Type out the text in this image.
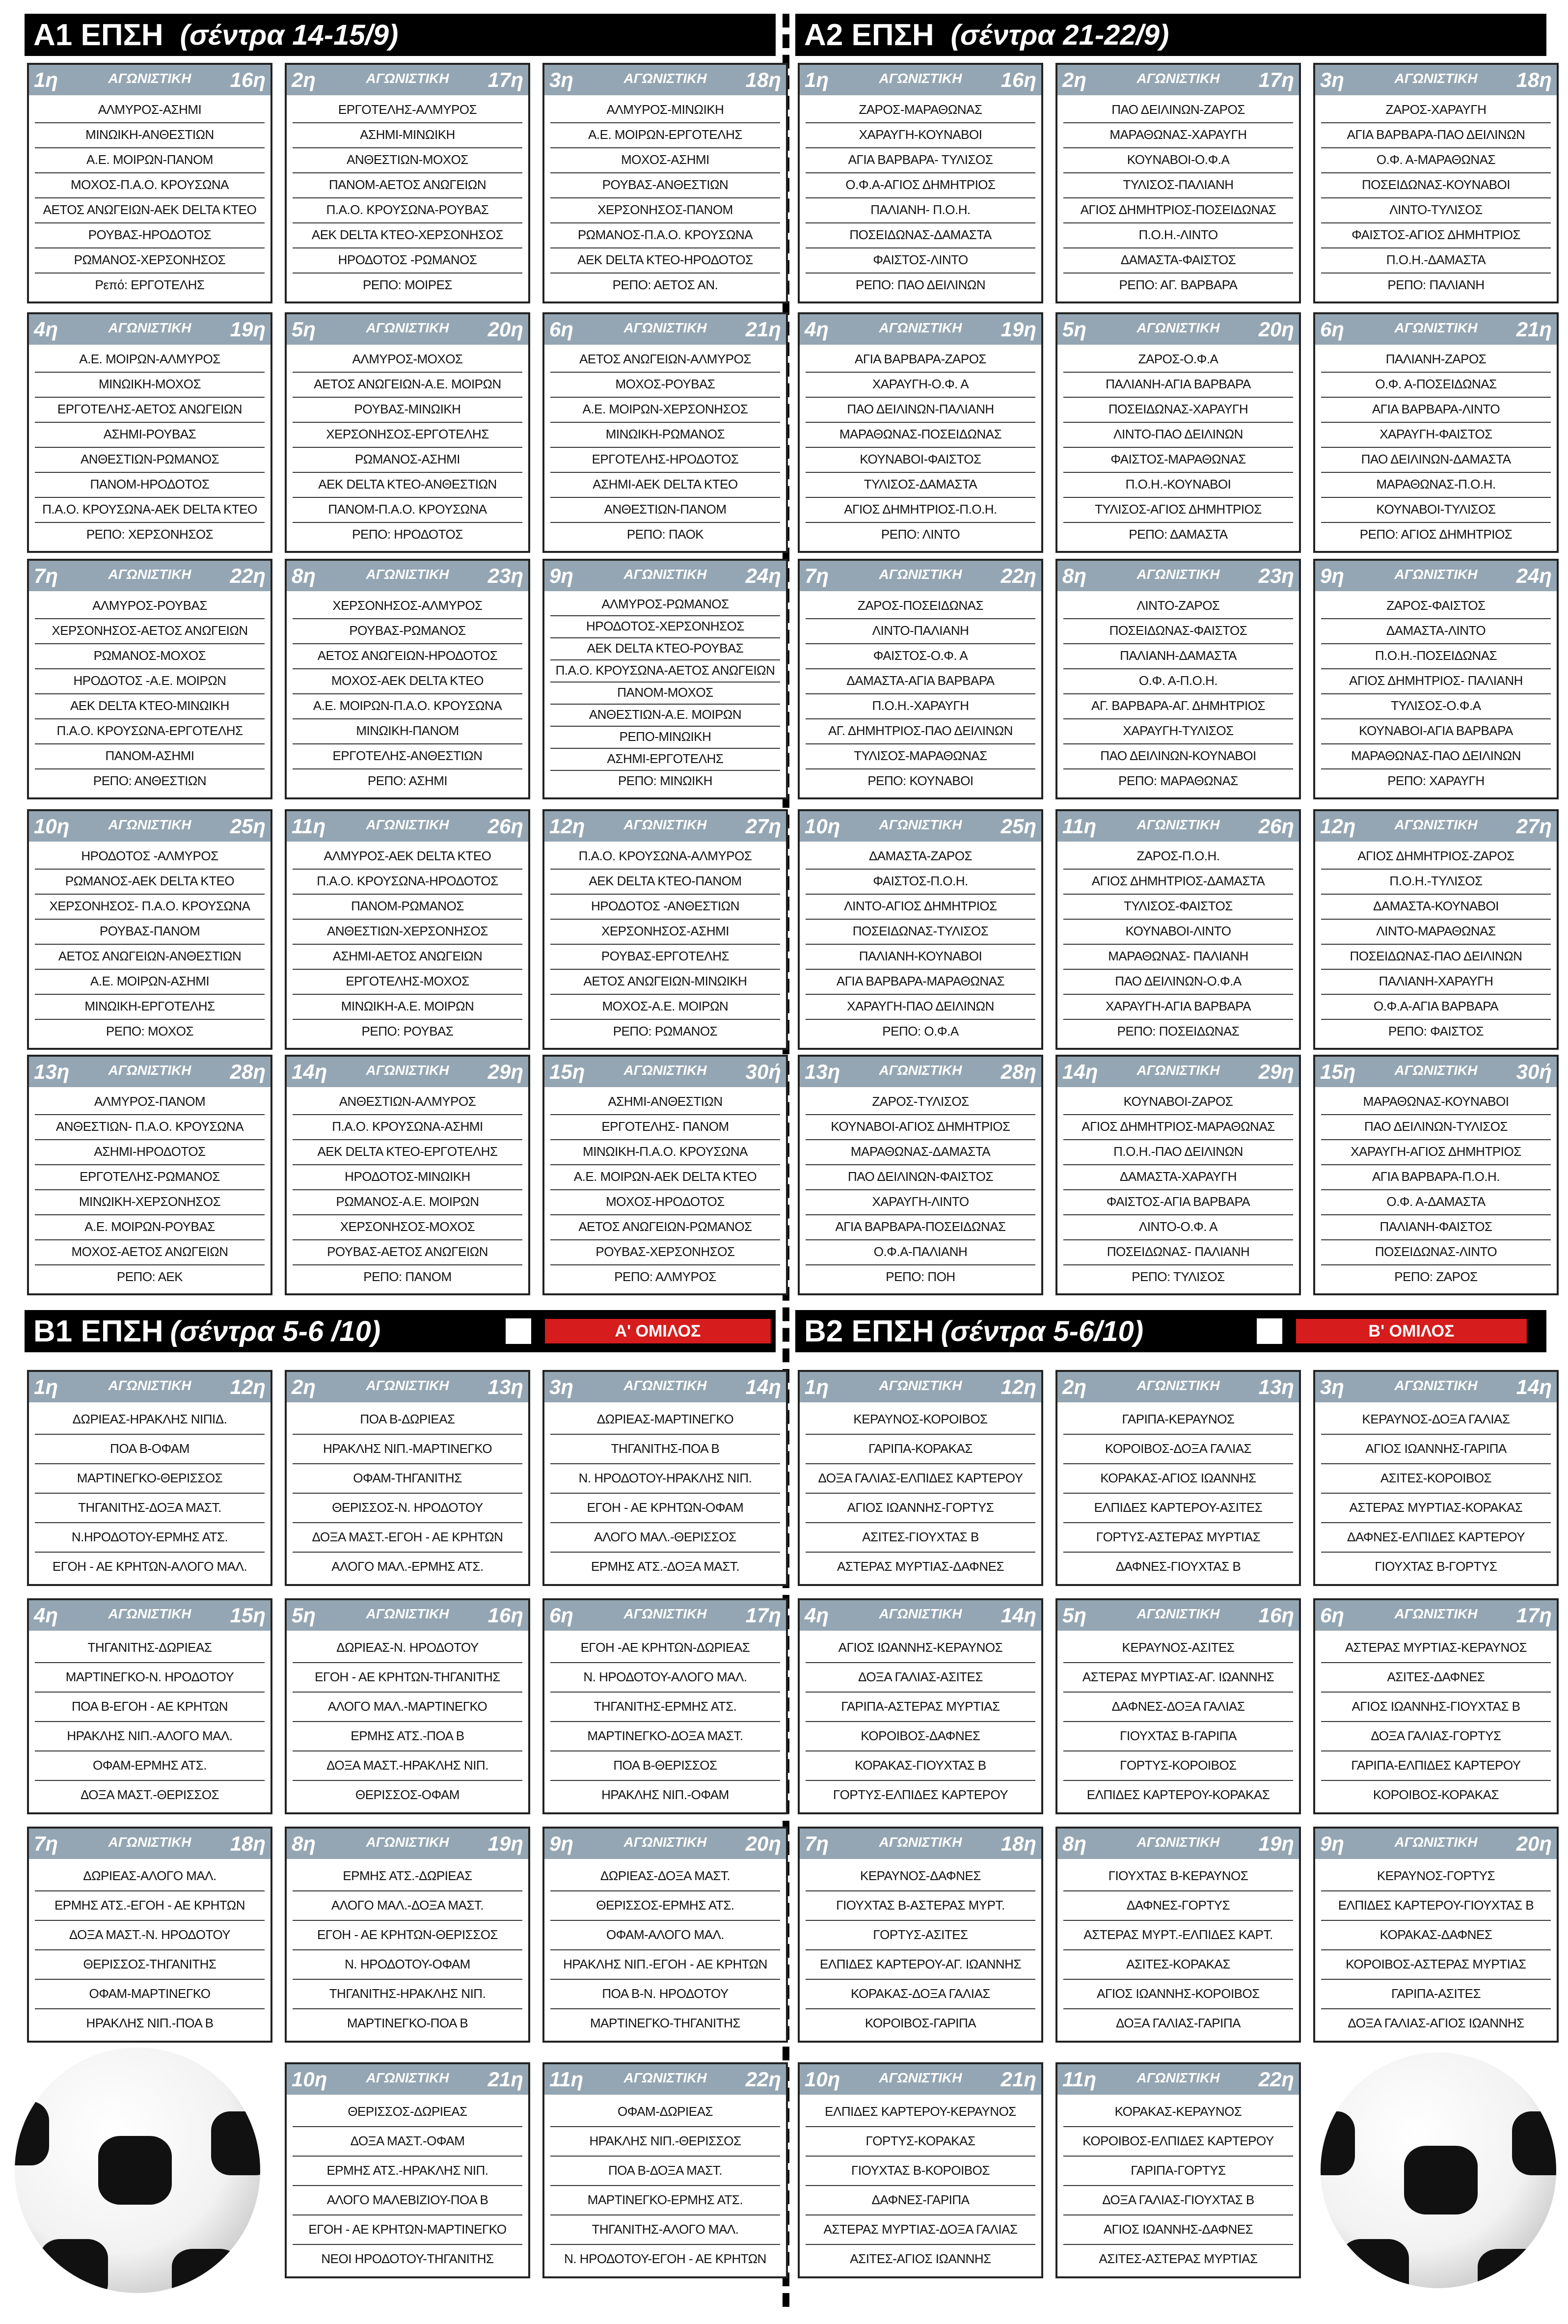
Α1 ΕΠΣΗ (σέντρα 14-15/9)	Α2 ΕΠΣΗ (σέντρα 21-22/9)
Β1 ΕΠΣΗ (σέντρα 5-6 /10)	Α' ΟΜΙΛΟΣ	Β2 ΕΠΣΗ (σέντρα 5-6/10)	Β' ΟΜΙΛΟΣ
1η	ΑΓΩΝΙΣΤΙΚΗ	16η
ΑΛΜΥΡΟΣ-ΑΣΗΜΙ
ΜΙΝΩΙΚΗ-ΑΝΘΕΣΤΙΩΝ
Α.Ε. ΜΟΙΡΩΝ-ΠΑΝΟΜ
ΜΟΧΟΣ-Π.Α.Ο. ΚΡΟΥΣΩΝΑ
ΑΕΤΟΣ ΑΝΩΓΕΙΩΝ-ΑΕΚ DELTA ΚΤΕΟ
ΡΟΥΒΑΣ-ΗΡΟΔΟΤΟΣ
ΡΩΜΑΝΟΣ-ΧΕΡΣΟΝΗΣΟΣ
Ρεπό: ΕΡΓΟΤΕΛΗΣ
2η	ΑΓΩΝΙΣΤΙΚΗ	17η
ΕΡΓΟΤΕΛΗΣ-ΑΛΜΥΡΟΣ
ΑΣΗΜΙ-ΜΙΝΩΙΚΗ
ΑΝΘΕΣΤΙΩΝ-ΜΟΧΟΣ
ΠΑΝΟΜ-ΑΕΤΟΣ ΑΝΩΓΕΙΩΝ
Π.Α.Ο. ΚΡΟΥΣΩΝΑ-ΡΟΥΒΑΣ
ΑΕΚ DELTA ΚΤΕΟ-ΧΕΡΣΟΝΗΣΟΣ
ΗΡΟΔΟΤΟΣ -ΡΩΜΑΝΟΣ
ΡΕΠΟ: ΜΟΙΡΕΣ
3η	ΑΓΩΝΙΣΤΙΚΗ	18η
ΑΛΜΥΡΟΣ-ΜΙΝΩΙΚΗ
Α.Ε. ΜΟΙΡΩΝ-ΕΡΓΟΤΕΛΗΣ
ΜΟΧΟΣ-ΑΣΗΜΙ
ΡΟΥΒΑΣ-ΑΝΘΕΣΤΙΩΝ
ΧΕΡΣΟΝΗΣΟΣ-ΠΑΝΟΜ
ΡΩΜΑΝΟΣ-Π.Α.Ο. ΚΡΟΥΣΩΝΑ
ΑΕΚ DELTA ΚΤΕΟ-ΗΡΟΔΟΤΟΣ
ΡΕΠΟ: ΑΕΤΟΣ ΑΝ.
1η	ΑΓΩΝΙΣΤΙΚΗ	16η
ΖΑΡΟΣ-ΜΑΡΑΘΩΝΑΣ
ΧΑΡΑΥΓΗ-ΚΟΥΝΑΒΟΙ
ΑΓΙΑ ΒΑΡΒΑΡΑ- ΤΥΛΙΣΟΣ
Ο.Φ.Α-ΑΓΙΟΣ ΔΗΜΗΤΡΙΟΣ
ΠΑΛΙΑΝΗ- Π.Ο.Η.
ΠΟΣΕΙΔΩΝΑΣ-ΔΑΜΑΣΤΑ
ΦΑΙΣΤΟΣ-ΛΙΝΤΟ
ΡΕΠΟ: ΠΑΟ ΔΕΙΛΙΝΩΝ
2η	ΑΓΩΝΙΣΤΙΚΗ	17η
ΠΑΟ ΔΕΙΛΙΝΩΝ-ΖΑΡΟΣ
ΜΑΡΑΘΩΝΑΣ-ΧΑΡΑΥΓΗ
ΚΟΥΝΑΒΟΙ-Ο.Φ.Α
ΤΥΛΙΣΟΣ-ΠΑΛΙΑΝΗ
ΑΓΙΟΣ ΔΗΜΗΤΡΙΟΣ-ΠΟΣΕΙΔΩΝΑΣ
Π.Ο.Η.-ΛΙΝΤΟ
ΔΑΜΑΣΤΑ-ΦΑΙΣΤΟΣ
ΡΕΠΟ: ΑΓ. ΒΑΡΒΑΡΑ
3η	ΑΓΩΝΙΣΤΙΚΗ	18η
ΖΑΡΟΣ-ΧΑΡΑΥΓΗ
ΑΓΙΑ ΒΑΡΒΑΡΑ-ΠΑΟ ΔΕΙΛΙΝΩΝ
Ο.Φ. Α-ΜΑΡΑΘΩΝΑΣ
ΠΟΣΕΙΔΩΝΑΣ-ΚΟΥΝΑΒΟΙ
ΛΙΝΤΟ-ΤΥΛΙΣΟΣ
ΦΑΙΣΤΟΣ-ΑΓΙΟΣ ΔΗΜΗΤΡΙΟΣ
Π.Ο.Η.-ΔΑΜΑΣΤΑ
ΡΕΠΟ: ΠΑΛΙΑΝΗ
4η	ΑΓΩΝΙΣΤΙΚΗ	19η
Α.Ε. ΜΟΙΡΩΝ-ΑΛΜΥΡΟΣ
ΜΙΝΩΙΚΗ-ΜΟΧΟΣ
ΕΡΓΟΤΕΛΗΣ-ΑΕΤΟΣ ΑΝΩΓΕΙΩΝ
ΑΣΗΜΙ-ΡΟΥΒΑΣ
ΑΝΘΕΣΤΙΩΝ-ΡΩΜΑΝΟΣ
ΠΑΝΟΜ-ΗΡΟΔΟΤΟΣ
Π.Α.Ο. ΚΡΟΥΣΩΝΑ-ΑΕΚ DELTA ΚΤΕΟ
ΡΕΠΟ: ΧΕΡΣΟΝΗΣΟΣ
5η	ΑΓΩΝΙΣΤΙΚΗ	20η
ΑΛΜΥΡΟΣ-ΜΟΧΟΣ
ΑΕΤΟΣ ΑΝΩΓΕΙΩΝ-Α.Ε. ΜΟΙΡΩΝ
ΡΟΥΒΑΣ-ΜΙΝΩΙΚΗ
ΧΕΡΣΟΝΗΣΟΣ-ΕΡΓΟΤΕΛΗΣ
ΡΩΜΑΝΟΣ-ΑΣΗΜΙ
ΑΕΚ DELTA ΚΤΕΟ-ΑΝΘΕΣΤΙΩΝ
ΠΑΝΟΜ-Π.Α.Ο. ΚΡΟΥΣΩΝΑ
ΡΕΠΟ: ΗΡΟΔΟΤΟΣ
6η	ΑΓΩΝΙΣΤΙΚΗ	21η
ΑΕΤΟΣ ΑΝΩΓΕΙΩΝ-ΑΛΜΥΡΟΣ
ΜΟΧΟΣ-ΡΟΥΒΑΣ
Α.Ε. ΜΟΙΡΩΝ-ΧΕΡΣΟΝΗΣΟΣ
ΜΙΝΩΙΚΗ-ΡΩΜΑΝΟΣ
ΕΡΓΟΤΕΛΗΣ-ΗΡΟΔΟΤΟΣ
ΑΣΗΜΙ-ΑΕΚ DELTA ΚΤΕΟ
ΑΝΘΕΣΤΙΩΝ-ΠΑΝΟΜ
ΡΕΠΟ: ΠΑΟΚ
4η	ΑΓΩΝΙΣΤΙΚΗ	19η
ΑΓΙΑ ΒΑΡΒΑΡΑ-ΖΑΡΟΣ
ΧΑΡΑΥΓΗ-Ο.Φ. Α
ΠΑΟ ΔΕΙΛΙΝΩΝ-ΠΑΛΙΑΝΗ
ΜΑΡΑΘΩΝΑΣ-ΠΟΣΕΙΔΩΝΑΣ
ΚΟΥΝΑΒΟΙ-ΦΑΙΣΤΟΣ
ΤΥΛΙΣΟΣ-ΔΑΜΑΣΤΑ
ΑΓΙΟΣ ΔΗΜΗΤΡΙΟΣ-Π.Ο.Η.
ΡΕΠΟ: ΛΙΝΤΟ
5η	ΑΓΩΝΙΣΤΙΚΗ	20η
ΖΑΡΟΣ-Ο.Φ.Α
ΠΑΛΙΑΝΗ-ΑΓΙΑ ΒΑΡΒΑΡΑ
ΠΟΣΕΙΔΩΝΑΣ-ΧΑΡΑΥΓΗ
ΛΙΝΤΟ-ΠΑΟ ΔΕΙΛΙΝΩΝ
ΦΑΙΣΤΟΣ-ΜΑΡΑΘΩΝΑΣ
Π.Ο.Η.-ΚΟΥΝΑΒΟΙ
ΤΥΛΙΣΟΣ-ΑΓΙΟΣ ΔΗΜΗΤΡΙΟΣ
ΡΕΠΟ: ΔΑΜΑΣΤΑ
6η	ΑΓΩΝΙΣΤΙΚΗ	21η
ΠΑΛΙΑΝΗ-ΖΑΡΟΣ
Ο.Φ. Α-ΠΟΣΕΙΔΩΝΑΣ
ΑΓΙΑ ΒΑΡΒΑΡΑ-ΛΙΝΤΟ
ΧΑΡΑΥΓΗ-ΦΑΙΣΤΟΣ
ΠΑΟ ΔΕΙΛΙΝΩΝ-ΔΑΜΑΣΤΑ
ΜΑΡΑΘΩΝΑΣ-Π.Ο.Η.
ΚΟΥΝΑΒΟΙ-ΤΥΛΙΣΟΣ
ΡΕΠΟ: ΑΓΙΟΣ ΔΗΜΗΤΡΙΟΣ
7η	ΑΓΩΝΙΣΤΙΚΗ	22η
ΑΛΜΥΡΟΣ-ΡΟΥΒΑΣ
ΧΕΡΣΟΝΗΣΟΣ-ΑΕΤΟΣ ΑΝΩΓΕΙΩΝ
ΡΩΜΑΝΟΣ-ΜΟΧΟΣ
ΗΡΟΔΟΤΟΣ -Α.Ε. ΜΟΙΡΩΝ
ΑΕΚ DELTA ΚΤΕΟ-ΜΙΝΩΙΚΗ
Π.Α.Ο. ΚΡΟΥΣΩΝΑ-ΕΡΓΟΤΕΛΗΣ
ΠΑΝΟΜ-ΑΣΗΜΙ
ΡΕΠΟ: ΑΝΘΕΣΤΙΩΝ
8η	ΑΓΩΝΙΣΤΙΚΗ	23η
ΧΕΡΣΟΝΗΣΟΣ-ΑΛΜΥΡΟΣ
ΡΟΥΒΑΣ-ΡΩΜΑΝΟΣ
ΑΕΤΟΣ ΑΝΩΓΕΙΩΝ-ΗΡΟΔΟΤΟΣ
ΜΟΧΟΣ-ΑΕΚ DELTA ΚΤΕΟ
Α.Ε. ΜΟΙΡΩΝ-Π.Α.Ο. ΚΡΟΥΣΩΝΑ
ΜΙΝΩΙΚΗ-ΠΑΝΟΜ
ΕΡΓΟΤΕΛΗΣ-ΑΝΘΕΣΤΙΩΝ
ΡΕΠΟ: ΑΣΗΜΙ
9η	ΑΓΩΝΙΣΤΙΚΗ	24η
ΑΛΜΥΡΟΣ-ΡΩΜΑΝΟΣ
ΗΡΟΔΟΤΟΣ-ΧΕΡΣΟΝΗΣΟΣ
ΑΕΚ DELTA ΚΤΕΟ-ΡΟΥΒΑΣ
Π.Α.Ο. ΚΡΟΥΣΩΝΑ-ΑΕΤΟΣ ΑΝΩΓΕΙΩΝ
ΠΑΝΟΜ-ΜΟΧΟΣ
ΑΝΘΕΣΤΙΩΝ-Α.Ε. ΜΟΙΡΩΝ
ΡΕΠΟ-ΜΙΝΩΙΚΗ
ΑΣΗΜΙ-ΕΡΓΟΤΕΛΗΣ
ΡΕΠΟ: ΜΙΝΩΙΚΗ
7η	ΑΓΩΝΙΣΤΙΚΗ	22η
ΖΑΡΟΣ-ΠΟΣΕΙΔΩΝΑΣ
ΛΙΝΤΟ-ΠΑΛΙΑΝΗ
ΦΑΙΣΤΟΣ-Ο.Φ. Α
ΔΑΜΑΣΤΑ-ΑΓΙΑ ΒΑΡΒΑΡΑ
Π.Ο.Η.-ΧΑΡΑΥΓΗ
ΑΓ. ΔΗΜΗΤΡΙΟΣ-ΠΑΟ ΔΕΙΛΙΝΩΝ
ΤΥΛΙΣΟΣ-ΜΑΡΑΘΩΝΑΣ
ΡΕΠΟ: ΚΟΥΝΑΒΟΙ
8η	ΑΓΩΝΙΣΤΙΚΗ	23η
ΛΙΝΤΟ-ΖΑΡΟΣ
ΠΟΣΕΙΔΩΝΑΣ-ΦΑΙΣΤΟΣ
ΠΑΛΙΑΝΗ-ΔΑΜΑΣΤΑ
Ο.Φ. Α-Π.Ο.Η.
ΑΓ. ΒΑΡΒΑΡΑ-ΑΓ. ΔΗΜΗΤΡΙΟΣ
ΧΑΡΑΥΓΗ-ΤΥΛΙΣΟΣ
ΠΑΟ ΔΕΙΛΙΝΩΝ-ΚΟΥΝΑΒΟΙ
ΡΕΠΟ: ΜΑΡΑΘΩΝΑΣ
9η	ΑΓΩΝΙΣΤΙΚΗ	24η
ΖΑΡΟΣ-ΦΑΙΣΤΟΣ
ΔΑΜΑΣΤΑ-ΛΙΝΤΟ
Π.Ο.Η.-ΠΟΣΕΙΔΩΝΑΣ
ΑΓΙΟΣ ΔΗΜΗΤΡΙΟΣ- ΠΑΛΙΑΝΗ
ΤΥΛΙΣΟΣ-Ο.Φ.Α
ΚΟΥΝΑΒΟΙ-ΑΓΙΑ ΒΑΡΒΑΡΑ
ΜΑΡΑΘΩΝΑΣ-ΠΑΟ ΔΕΙΛΙΝΩΝ
ΡΕΠΟ: ΧΑΡΑΥΓΗ
10η	ΑΓΩΝΙΣΤΙΚΗ	25η
ΗΡΟΔΟΤΟΣ -ΑΛΜΥΡΟΣ
ΡΩΜΑΝΟΣ-ΑΕΚ DELTA ΚΤΕΟ
ΧΕΡΣΟΝΗΣΟΣ- Π.Α.Ο. ΚΡΟΥΣΩΝΑ
ΡΟΥΒΑΣ-ΠΑΝΟΜ
ΑΕΤΟΣ ΑΝΩΓΕΙΩΝ-ΑΝΘΕΣΤΙΩΝ
Α.Ε. ΜΟΙΡΩΝ-ΑΣΗΜΙ
ΜΙΝΩΙΚΗ-ΕΡΓΟΤΕΛΗΣ
ΡΕΠΟ: ΜΟΧΟΣ
11η	ΑΓΩΝΙΣΤΙΚΗ	26η
ΑΛΜΥΡΟΣ-ΑΕΚ DELTA ΚΤΕΟ
Π.Α.Ο. ΚΡΟΥΣΩΝΑ-ΗΡΟΔΟΤΟΣ
ΠΑΝΟΜ-ΡΩΜΑΝΟΣ
ΑΝΘΕΣΤΙΩΝ-ΧΕΡΣΟΝΗΣΟΣ
ΑΣΗΜΙ-ΑΕΤΟΣ ΑΝΩΓΕΙΩΝ
ΕΡΓΟΤΕΛΗΣ-ΜΟΧΟΣ
ΜΙΝΩΙΚΗ-Α.Ε. ΜΟΙΡΩΝ
ΡΕΠΟ: ΡΟΥΒΑΣ
12η	ΑΓΩΝΙΣΤΙΚΗ	27η
Π.Α.Ο. ΚΡΟΥΣΩΝΑ-ΑΛΜΥΡΟΣ
ΑΕΚ DELTA ΚΤΕΟ-ΠΑΝΟΜ
ΗΡΟΔΟΤΟΣ -ΑΝΘΕΣΤΙΩΝ
ΧΕΡΣΟΝΗΣΟΣ-ΑΣΗΜΙ
ΡΟΥΒΑΣ-ΕΡΓΟΤΕΛΗΣ
ΑΕΤΟΣ ΑΝΩΓΕΙΩΝ-ΜΙΝΩΙΚΗ
ΜΟΧΟΣ-Α.Ε. ΜΟΙΡΩΝ
ΡΕΠΟ: ΡΩΜΑΝΟΣ
10η	ΑΓΩΝΙΣΤΙΚΗ	25η
ΔΑΜΑΣΤΑ-ΖΑΡΟΣ
ΦΑΙΣΤΟΣ-Π.Ο.Η.
ΛΙΝΤΟ-ΑΓΙΟΣ ΔΗΜΗΤΡΙΟΣ
ΠΟΣΕΙΔΩΝΑΣ-ΤΥΛΙΣΟΣ
ΠΑΛΙΑΝΗ-ΚΟΥΝΑΒΟΙ
ΑΓΙΑ ΒΑΡΒΑΡΑ-ΜΑΡΑΘΩΝΑΣ
ΧΑΡΑΥΓΗ-ΠΑΟ ΔΕΙΛΙΝΩΝ
ΡΕΠΟ: Ο.Φ.Α
11η	ΑΓΩΝΙΣΤΙΚΗ	26η
ΖΑΡΟΣ-Π.Ο.Η.
ΑΓΙΟΣ ΔΗΜΗΤΡΙΟΣ-ΔΑΜΑΣΤΑ
ΤΥΛΙΣΟΣ-ΦΑΙΣΤΟΣ
ΚΟΥΝΑΒΟΙ-ΛΙΝΤΟ
ΜΑΡΑΘΩΝΑΣ- ΠΑΛΙΑΝΗ
ΠΑΟ ΔΕΙΛΙΝΩΝ-Ο.Φ.Α
ΧΑΡΑΥΓΗ-ΑΓΙΑ ΒΑΡΒΑΡΑ
ΡΕΠΟ: ΠΟΣΕΙΔΩΝΑΣ
12η	ΑΓΩΝΙΣΤΙΚΗ	27η
ΑΓΙΟΣ ΔΗΜΗΤΡΙΟΣ-ΖΑΡΟΣ
Π.Ο.Η.-ΤΥΛΙΣΟΣ
ΔΑΜΑΣΤΑ-ΚΟΥΝΑΒΟΙ
ΛΙΝΤΟ-ΜΑΡΑΘΩΝΑΣ
ΠΟΣΕΙΔΩΝΑΣ-ΠΑΟ ΔΕΙΛΙΝΩΝ
ΠΑΛΙΑΝΗ-ΧΑΡΑΥΓΗ
Ο.Φ.Α-ΑΓΙΑ ΒΑΡΒΑΡΑ
ΡΕΠΟ: ΦΑΙΣΤΟΣ
13η	ΑΓΩΝΙΣΤΙΚΗ	28η
ΑΛΜΥΡΟΣ-ΠΑΝΟΜ
ΑΝΘΕΣΤΙΩΝ- Π.Α.Ο. ΚΡΟΥΣΩΝΑ
ΑΣΗΜΙ-ΗΡΟΔΟΤΟΣ
ΕΡΓΟΤΕΛΗΣ-ΡΩΜΑΝΟΣ
ΜΙΝΩΙΚΗ-ΧΕΡΣΟΝΗΣΟΣ
Α.Ε. ΜΟΙΡΩΝ-ΡΟΥΒΑΣ
ΜΟΧΟΣ-ΑΕΤΟΣ ΑΝΩΓΕΙΩΝ
ΡΕΠΟ: ΑΕΚ
14η	ΑΓΩΝΙΣΤΙΚΗ	29η
ΑΝΘΕΣΤΙΩΝ-ΑΛΜΥΡΟΣ
Π.Α.Ο. ΚΡΟΥΣΩΝΑ-ΑΣΗΜΙ
ΑΕΚ DELTA ΚΤΕΟ-ΕΡΓΟΤΕΛΗΣ
ΗΡΟΔΟΤΟΣ-ΜΙΝΩΙΚΗ
ΡΩΜΑΝΟΣ-Α.Ε. ΜΟΙΡΩΝ
ΧΕΡΣΟΝΗΣΟΣ-ΜΟΧΟΣ
ΡΟΥΒΑΣ-ΑΕΤΟΣ ΑΝΩΓΕΙΩΝ
ΡΕΠΟ: ΠΑΝΟΜ
15η	ΑΓΩΝΙΣΤΙΚΗ	30ή
ΑΣΗΜΙ-ΑΝΘΕΣΤΙΩΝ
ΕΡΓΟΤΕΛΗΣ- ΠΑΝΟΜ
ΜΙΝΩΙΚΗ-Π.Α.Ο. ΚΡΟΥΣΩΝΑ
Α.Ε. ΜΟΙΡΩΝ-ΑΕΚ DELTA ΚΤΕΟ
ΜΟΧΟΣ-ΗΡΟΔΟΤΟΣ
ΑΕΤΟΣ ΑΝΩΓΕΙΩΝ-ΡΩΜΑΝΟΣ
ΡΟΥΒΑΣ-ΧΕΡΣΟΝΗΣΟΣ
ΡΕΠΟ: ΑΛΜΥΡΟΣ
13η	ΑΓΩΝΙΣΤΙΚΗ	28η
ΖΑΡΟΣ-ΤΥΛΙΣΟΣ
ΚΟΥΝΑΒΟΙ-ΑΓΙΟΣ ΔΗΜΗΤΡΙΟΣ
ΜΑΡΑΘΩΝΑΣ-ΔΑΜΑΣΤΑ
ΠΑΟ ΔΕΙΛΙΝΩΝ-ΦΑΙΣΤΟΣ
ΧΑΡΑΥΓΗ-ΛΙΝΤΟ
ΑΓΙΑ ΒΑΡΒΑΡΑ-ΠΟΣΕΙΔΩΝΑΣ
Ο.Φ.Α-ΠΑΛΙΑΝΗ
ΡΕΠΟ: ΠΟΗ
14η	ΑΓΩΝΙΣΤΙΚΗ	29η
ΚΟΥΝΑΒΟΙ-ΖΑΡΟΣ
ΑΓΙΟΣ ΔΗΜΗΤΡΙΟΣ-ΜΑΡΑΘΩΝΑΣ
Π.Ο.Η.-ΠΑΟ ΔΕΙΛΙΝΩΝ
ΔΑΜΑΣΤΑ-ΧΑΡΑΥΓΗ
ΦΑΙΣΤΟΣ-ΑΓΙΑ ΒΑΡΒΑΡΑ
ΛΙΝΤΟ-Ο.Φ. Α
ΠΟΣΕΙΔΩΝΑΣ- ΠΑΛΙΑΝΗ
ΡΕΠΟ: ΤΥΛΙΣΟΣ
15η	ΑΓΩΝΙΣΤΙΚΗ	30ή
ΜΑΡΑΘΩΝΑΣ-ΚΟΥΝΑΒΟΙ
ΠΑΟ ΔΕΙΛΙΝΩΝ-ΤΥΛΙΣΟΣ
ΧΑΡΑΥΓΗ-ΑΓΙΟΣ ΔΗΜΗΤΡΙΟΣ
ΑΓΙΑ ΒΑΡΒΑΡΑ-Π.Ο.Η.
Ο.Φ. Α-ΔΑΜΑΣΤΑ
ΠΑΛΙΑΝΗ-ΦΑΙΣΤΟΣ
ΠΟΣΕΙΔΩΝΑΣ-ΛΙΝΤΟ
ΡΕΠΟ: ΖΑΡΟΣ
1η	ΑΓΩΝΙΣΤΙΚΗ	12η
ΔΩΡΙΕΑΣ-ΗΡΑΚΛΗΣ ΝΙΠΙΔ.
ΠΟΑ Β-ΟΦΑΜ
ΜΑΡΤΙΝΕΓΚΟ-ΘΕΡΙΣΣΟΣ
ΤΗΓΑΝΙΤΗΣ-ΔΟΞΑ ΜΑΣΤ.
Ν.ΗΡΟΔΟΤΟΥ-ΕΡΜΗΣ ΑΤΣ.
ΕΓΟΗ - ΑΕ ΚΡΗΤΩΝ-ΑΛΟΓΟ ΜΑΛ.
2η	ΑΓΩΝΙΣΤΙΚΗ	13η
ΠΟΑ Β-ΔΩΡΙΕΑΣ
ΗΡΑΚΛΗΣ ΝΙΠ.-ΜΑΡΤΙΝΕΓΚΟ
ΟΦΑΜ-ΤΗΓΑΝΙΤΗΣ
ΘΕΡΙΣΣΟΣ-Ν. ΗΡΟΔΟΤΟΥ
ΔΟΞΑ ΜΑΣΤ.-ΕΓΟΗ - ΑΕ ΚΡΗΤΩΝ
ΑΛΟΓΟ ΜΑΛ.-ΕΡΜΗΣ ΑΤΣ.
3η	ΑΓΩΝΙΣΤΙΚΗ	14η
ΔΩΡΙΕΑΣ-ΜΑΡΤΙΝΕΓΚΟ
ΤΗΓΑΝΙΤΗΣ-ΠΟΑ Β
Ν. ΗΡΟΔΟΤΟΥ-ΗΡΑΚΛΗΣ ΝΙΠ.
ΕΓΟΗ - ΑΕ ΚΡΗΤΩΝ-ΟΦΑΜ
ΑΛΟΓΟ ΜΑΛ.-ΘΕΡΙΣΣΟΣ
ΕΡΜΗΣ ΑΤΣ.-ΔΟΞΑ ΜΑΣΤ.
1η	ΑΓΩΝΙΣΤΙΚΗ	12η
ΚΕΡΑΥΝΟΣ-ΚΟΡΟΙΒΟΣ
ΓΑΡΙΠΑ-ΚΟΡΑΚΑΣ
ΔΟΞΑ ΓΑΛΙΑΣ-ΕΛΠΙΔΕΣ ΚΑΡΤΕΡΟΥ
ΑΓΙΟΣ ΙΩΑΝΝΗΣ-ΓΟΡΤΥΣ
ΑΣΙΤΕΣ-ΓΙΟΥΧΤΑΣ Β
ΑΣΤΕΡΑΣ ΜΥΡΤΙΑΣ-ΔΑΦΝΕΣ
2η	ΑΓΩΝΙΣΤΙΚΗ	13η
ΓΑΡΙΠΑ-ΚΕΡΑΥΝΟΣ
ΚΟΡΟΙΒΟΣ-ΔΟΞΑ ΓΑΛΙΑΣ
ΚΟΡΑΚΑΣ-ΑΓΙΟΣ ΙΩΑΝΝΗΣ
ΕΛΠΙΔΕΣ ΚΑΡΤΕΡΟΥ-ΑΣΙΤΕΣ
ΓΟΡΤΥΣ-ΑΣΤΕΡΑΣ ΜΥΡΤΙΑΣ
ΔΑΦΝΕΣ-ΓΙΟΥΧΤΑΣ Β
3η	ΑΓΩΝΙΣΤΙΚΗ	14η
ΚΕΡΑΥΝΟΣ-ΔΟΞΑ ΓΑΛΙΑΣ
ΑΓΙΟΣ ΙΩΑΝΝΗΣ-ΓΑΡΙΠΑ
ΑΣΙΤΕΣ-ΚΟΡΟΙΒΟΣ
ΑΣΤΕΡΑΣ ΜΥΡΤΙΑΣ-ΚΟΡΑΚΑΣ
ΔΑΦΝΕΣ-ΕΛΠΙΔΕΣ ΚΑΡΤΕΡΟΥ
ΓΙΟΥΧΤΑΣ Β-ΓΟΡΤΥΣ
4η	ΑΓΩΝΙΣΤΙΚΗ	15η
ΤΗΓΑΝΙΤΗΣ-ΔΩΡΙΕΑΣ
ΜΑΡΤΙΝΕΓΚΟ-Ν. ΗΡΟΔΟΤΟΥ
ΠΟΑ Β-ΕΓΟΗ - ΑΕ ΚΡΗΤΩΝ
ΗΡΑΚΛΗΣ ΝΙΠ.-ΑΛΟΓΟ ΜΑΛ.
ΟΦΑΜ-ΕΡΜΗΣ ΑΤΣ.
ΔΟΞΑ ΜΑΣΤ.-ΘΕΡΙΣΣΟΣ
5η	ΑΓΩΝΙΣΤΙΚΗ	16η
ΔΩΡΙΕΑΣ-Ν. ΗΡΟΔΟΤΟΥ
ΕΓΟΗ - ΑΕ ΚΡΗΤΩΝ-ΤΗΓΑΝΙΤΗΣ
ΑΛΟΓΟ ΜΑΛ.-ΜΑΡΤΙΝΕΓΚΟ
ΕΡΜΗΣ ΑΤΣ.-ΠΟΑ Β
ΔΟΞΑ ΜΑΣΤ.-ΗΡΑΚΛΗΣ ΝΙΠ.
ΘΕΡΙΣΣΟΣ-ΟΦΑΜ
6η	ΑΓΩΝΙΣΤΙΚΗ	17η
ΕΓΟΗ -ΑΕ ΚΡΗΤΩΝ-ΔΩΡΙΕΑΣ
Ν. ΗΡΟΔΟΤΟΥ-ΑΛΟΓΟ ΜΑΛ.
ΤΗΓΑΝΙΤΗΣ-ΕΡΜΗΣ ΑΤΣ.
ΜΑΡΤΙΝΕΓΚΟ-ΔΟΞΑ ΜΑΣΤ.
ΠΟΑ Β-ΘΕΡΙΣΣΟΣ
ΗΡΑΚΛΗΣ ΝΙΠ.-ΟΦΑΜ
4η	ΑΓΩΝΙΣΤΙΚΗ	14η
ΑΓΙΟΣ ΙΩΑΝΝΗΣ-ΚΕΡΑΥΝΟΣ
ΔΟΞΑ ΓΑΛΙΑΣ-ΑΣΙΤΕΣ
ΓΑΡΙΠΑ-ΑΣΤΕΡΑΣ ΜΥΡΤΙΑΣ
ΚΟΡΟΙΒΟΣ-ΔΑΦΝΕΣ
ΚΟΡΑΚΑΣ-ΓΙΟΥΧΤΑΣ Β
ΓΟΡΤΥΣ-ΕΛΠΙΔΕΣ ΚΑΡΤΕΡΟΥ
5η	ΑΓΩΝΙΣΤΙΚΗ	16η
ΚΕΡΑΥΝΟΣ-ΑΣΙΤΕΣ
ΑΣΤΕΡΑΣ ΜΥΡΤΙΑΣ-ΑΓ. ΙΩΑΝΝΗΣ
ΔΑΦΝΕΣ-ΔΟΞΑ ΓΑΛΙΑΣ
ΓΙΟΥΧΤΑΣ Β-ΓΑΡΙΠΑ
ΓΟΡΤΥΣ-ΚΟΡΟΙΒΟΣ
ΕΛΠΙΔΕΣ ΚΑΡΤΕΡΟΥ-ΚΟΡΑΚΑΣ
6η	ΑΓΩΝΙΣΤΙΚΗ	17η
ΑΣΤΕΡΑΣ ΜΥΡΤΙΑΣ-ΚΕΡΑΥΝΟΣ
ΑΣΙΤΕΣ-ΔΑΦΝΕΣ
ΑΓΙΟΣ ΙΩΑΝΝΗΣ-ΓΙΟΥΧΤΑΣ Β
ΔΟΞΑ ΓΑΛΙΑΣ-ΓΟΡΤΥΣ
ΓΑΡΙΠΑ-ΕΛΠΙΔΕΣ ΚΑΡΤΕΡΟΥ
ΚΟΡΟΙΒΟΣ-ΚΟΡΑΚΑΣ
7η	ΑΓΩΝΙΣΤΙΚΗ	18η
ΔΩΡΙΕΑΣ-ΑΛΟΓΟ ΜΑΛ.
ΕΡΜΗΣ ΑΤΣ.-ΕΓΟΗ - ΑΕ ΚΡΗΤΩΝ
ΔΟΞΑ ΜΑΣΤ.-Ν. ΗΡΟΔΟΤΟΥ
ΘΕΡΙΣΣΟΣ-ΤΗΓΑΝΙΤΗΣ
ΟΦΑΜ-ΜΑΡΤΙΝΕΓΚΟ
ΗΡΑΚΛΗΣ ΝΙΠ.-ΠΟΑ Β
8η	ΑΓΩΝΙΣΤΙΚΗ	19η
ΕΡΜΗΣ ΑΤΣ.-ΔΩΡΙΕΑΣ
ΑΛΟΓΟ ΜΑΛ.-ΔΟΞΑ ΜΑΣΤ.
ΕΓΟΗ - ΑΕ ΚΡΗΤΩΝ-ΘΕΡΙΣΣΟΣ
Ν. ΗΡΟΔΟΤΟΥ-ΟΦΑΜ
ΤΗΓΑΝΙΤΗΣ-ΗΡΑΚΛΗΣ ΝΙΠ.
ΜΑΡΤΙΝΕΓΚΟ-ΠΟΑ Β
9η	ΑΓΩΝΙΣΤΙΚΗ	20η
ΔΩΡΙΕΑΣ-ΔΟΞΑ ΜΑΣΤ.
ΘΕΡΙΣΣΟΣ-ΕΡΜΗΣ ΑΤΣ.
ΟΦΑΜ-ΑΛΟΓΟ ΜΑΛ.
ΗΡΑΚΛΗΣ ΝΙΠ.-ΕΓΟΗ - ΑΕ ΚΡΗΤΩΝ
ΠΟΑ Β-Ν. ΗΡΟΔΟΤΟΥ
ΜΑΡΤΙΝΕΓΚΟ-ΤΗΓΑΝΙΤΗΣ
7η	ΑΓΩΝΙΣΤΙΚΗ	18η
ΚΕΡΑΥΝΟΣ-ΔΑΦΝΕΣ
ΓΙΟΥΧΤΑΣ Β-ΑΣΤΕΡΑΣ ΜΥΡΤ.
ΓΟΡΤΥΣ-ΑΣΙΤΕΣ
ΕΛΠΙΔΕΣ ΚΑΡΤΕΡΟΥ-ΑΓ. ΙΩΑΝΝΗΣ
ΚΟΡΑΚΑΣ-ΔΟΞΑ ΓΑΛΙΑΣ
ΚΟΡΟΙΒΟΣ-ΓΑΡΙΠΑ
8η	ΑΓΩΝΙΣΤΙΚΗ	19η
ΓΙΟΥΧΤΑΣ Β-ΚΕΡΑΥΝΟΣ
ΔΑΦΝΕΣ-ΓΟΡΤΥΣ
ΑΣΤΕΡΑΣ ΜΥΡΤ.-ΕΛΠΙΔΕΣ ΚΑΡΤ.
ΑΣΙΤΕΣ-ΚΟΡΑΚΑΣ
ΑΓΙΟΣ ΙΩΑΝΝΗΣ-ΚΟΡΟΙΒΟΣ
ΔΟΞΑ ΓΑΛΙΑΣ-ΓΑΡΙΠΑ
9η	ΑΓΩΝΙΣΤΙΚΗ	20η
ΚΕΡΑΥΝΟΣ-ΓΟΡΤΥΣ
ΕΛΠΙΔΕΣ ΚΑΡΤΕΡΟΥ-ΓΙΟΥΧΤΑΣ Β
ΚΟΡΑΚΑΣ-ΔΑΦΝΕΣ
ΚΟΡΟΙΒΟΣ-ΑΣΤΕΡΑΣ ΜΥΡΤΙΑΣ
ΓΑΡΙΠΑ-ΑΣΙΤΕΣ
ΔΟΞΑ ΓΑΛΙΑΣ-ΑΓΙΟΣ ΙΩΑΝΝΗΣ
10η	ΑΓΩΝΙΣΤΙΚΗ	21η
ΘΕΡΙΣΣΟΣ-ΔΩΡΙΕΑΣ
ΔΟΞΑ ΜΑΣΤ.-ΟΦΑΜ
ΕΡΜΗΣ ΑΤΣ.-ΗΡΑΚΛΗΣ ΝΙΠ.
ΑΛΟΓΟ ΜΑΛΕΒΙΖΙΟΥ-ΠΟΑ Β
ΕΓΟΗ - ΑΕ ΚΡΗΤΩΝ-ΜΑΡΤΙΝΕΓΚΟ
ΝΕΟΙ ΗΡΟΔΟΤΟΥ-ΤΗΓΑΝΙΤΗΣ
11η	ΑΓΩΝΙΣΤΙΚΗ	22η
ΟΦΑΜ-ΔΩΡΙΕΑΣ
ΗΡΑΚΛΗΣ ΝΙΠ.-ΘΕΡΙΣΣΟΣ
ΠΟΑ Β-ΔΟΞΑ ΜΑΣΤ.
ΜΑΡΤΙΝΕΓΚΟ-ΕΡΜΗΣ ΑΤΣ.
ΤΗΓΑΝΙΤΗΣ-ΑΛΟΓΟ ΜΑΛ.
Ν. ΗΡΟΔΟΤΟΥ-ΕΓΟΗ - ΑΕ ΚΡΗΤΩΝ
10η	ΑΓΩΝΙΣΤΙΚΗ	21η
ΕΛΠΙΔΕΣ ΚΑΡΤΕΡΟΥ-ΚΕΡΑΥΝΟΣ
ΓΟΡΤΥΣ-ΚΟΡΑΚΑΣ
ΓΙΟΥΧΤΑΣ Β-ΚΟΡΟΙΒΟΣ
ΔΑΦΝΕΣ-ΓΑΡΙΠΑ
ΑΣΤΕΡΑΣ ΜΥΡΤΙΑΣ-ΔΟΞΑ ΓΑΛΙΑΣ
ΑΣΙΤΕΣ-ΑΓΙΟΣ ΙΩΑΝΝΗΣ
11η	ΑΓΩΝΙΣΤΙΚΗ	22η
ΚΟΡΑΚΑΣ-ΚΕΡΑΥΝΟΣ
ΚΟΡΟΙΒΟΣ-ΕΛΠΙΔΕΣ ΚΑΡΤΕΡΟΥ
ΓΑΡΙΠΑ-ΓΟΡΤΥΣ
ΔΟΞΑ ΓΑΛΙΑΣ-ΓΙΟΥΧΤΑΣ Β
ΑΓΙΟΣ ΙΩΑΝΝΗΣ-ΔΑΦΝΕΣ
ΑΣΙΤΕΣ-ΑΣΤΕΡΑΣ ΜΥΡΤΙΑΣ
